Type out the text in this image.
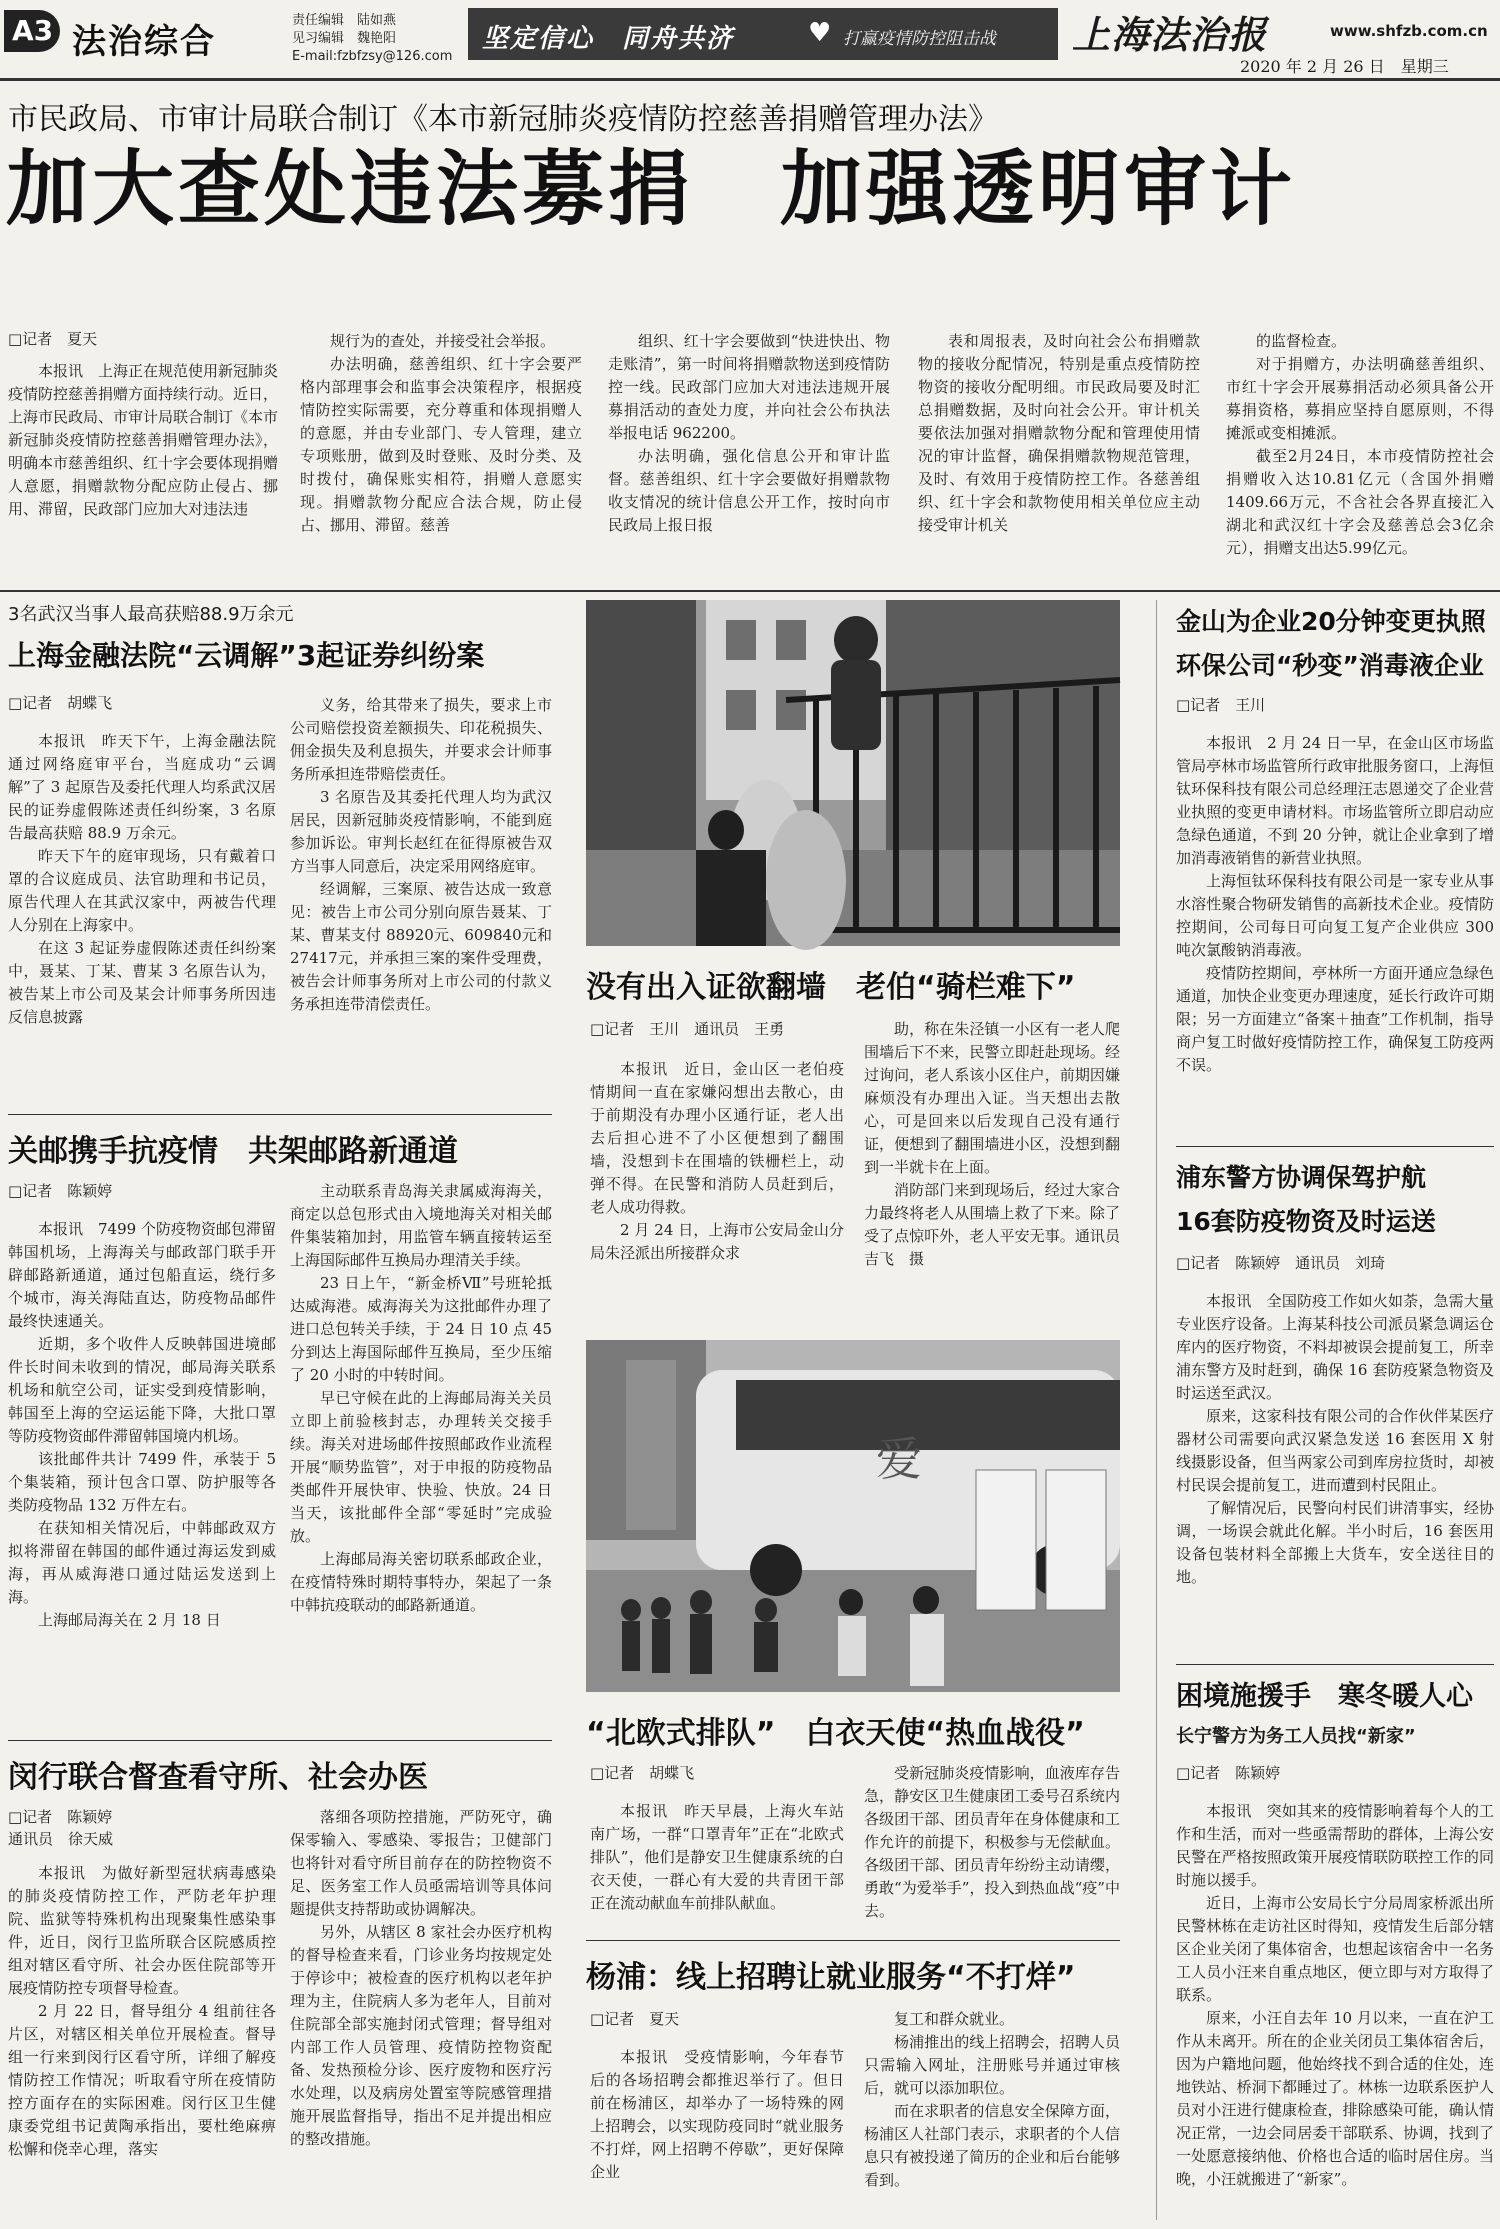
A3 法治综合
责任编辑　陆如燕
见习编辑　魏艳阳
E-mail:fzbfzsy@126.com
坚定信心　同舟共济	♥ 打赢疫情防控阻击战 上海法治报	www.shfzb.com.cn
2020 年 2 月 26 日　星期三
市民政局、市审计局联合制订《本市新冠肺炎疫情防控慈善捐赠管理办法》
加大查处违法募捐　加强透明审计
□记者　夏天

本报讯　上海正在规范使用新冠肺炎疫情防控慈善捐赠方面持续行动。近日，上海市民政局、市审计局联合制订《本市新冠肺炎疫情防控慈善捐赠管理办法》，明确本市慈善组织、红十字会要体现捐赠人意愿，捐赠款物分配应防止侵占、挪用、滞留，民政部门应加大对违法违

规行为的查处，并接受社会举报。

办法明确，慈善组织、红十字会要严格内部理事会和监事会决策程序，根据疫情防控实际需要，充分尊重和体现捐赠人的意愿，并由专业部门、专人管理，建立专项账册，做到及时登账、及时分类、及时拨付，确保账实相符，捐赠人意愿实现。捐赠款物分配应合法合规，防止侵占、挪用、滞留。慈善

组织、红十字会要做到“快进快出、物走账清”，第一时间将捐赠款物送到疫情防控一线。民政部门应加大对违法违规开展募捐活动的查处力度，并向社会公布执法举报电话 962200。

办法明确，强化信息公开和审计监督。慈善组织、红十字会要做好捐赠款物收支情况的统计信息公开工作，按时向市民政局上报日报

表和周报表，及时向社会公布捐赠款物的接收分配情况，特别是重点疫情防控物资的接收分配明细。市民政局要及时汇总捐赠数据，及时向社会公开。审计机关要依法加强对捐赠款物分配和管理使用情况的审计监督，确保捐赠款物规范管理，及时、有效用于疫情防控工作。各慈善组织、红十字会和款物使用相关单位应主动接受审计机关

的监督检查。

对于捐赠方，办法明确慈善组织、市红十字会开展募捐活动必须具备公开募捐资格，募捐应坚持自愿原则，不得摊派或变相摊派。

截至2月24日，本市疫情防控社会捐赠收入达10.81亿元（含国外捐赠1409.66万元，不含社会各界直接汇入湖北和武汉红十字会及慈善总会3亿余元），捐赠支出达5.99亿元。

3名武汉当事人最高获赔88.9万余元
上海金融法院“云调解”3起证券纠纷案
□记者　胡蝶飞

本报讯　昨天下午，上海金融法院通过网络庭审平台，当庭成功“云调解”了 3 起原告及委托代理人均系武汉居民的证券虚假陈述责任纠纷案，3 名原告最高获赔 88.9 万余元。

昨天下午的庭审现场，只有戴着口罩的合议庭成员、法官助理和书记员，原告代理人在其武汉家中，两被告代理人分别在上海家中。

在这 3 起证券虚假陈述责任纠纷案中，聂某、丁某、曹某 3 名原告认为，被告某上市公司及某会计师事务所因违反信息披露

义务，给其带来了损失，要求上市公司赔偿投资差额损失、印花税损失、佣金损失及利息损失，并要求会计师事务所承担连带赔偿责任。

3 名原告及其委托代理人均为武汉居民，因新冠肺炎疫情影响，不能到庭参加诉讼。审判长赵红在征得原被告双方当事人同意后，决定采用网络庭审。

经调解，三案原、被告达成一致意见：被告上市公司分别向原告聂某、丁某、曹某支付 88920元、609840元和27417元，并承担三案的案件受理费，被告会计师事务所对上市公司的付款义务承担连带清偿责任。

关邮携手抗疫情　共架邮路新通道
□记者　陈颖婷

本报讯　7499 个防疫物资邮包滞留韩国机场，上海海关与邮政部门联手开辟邮路新通道，通过包船直运，绕行多个城市，海关海陆直达，防疫物品邮件最终快速通关。

近期，多个收件人反映韩国进境邮件长时间未收到的情况，邮局海关联系机场和航空公司，证实受到疫情影响，韩国至上海的空运运能下降，大批口罩等防疫物资邮件滞留韩国境内机场。

该批邮件共计 7499 件，承装于 5 个集装箱，预计包含口罩、防护服等各类防疫物品 132 万件左右。

在获知相关情况后，中韩邮政双方拟将滞留在韩国的邮件通过海运发到威海，再从威海港口通过陆运发送到上海。

上海邮局海关在 2 月 18 日

主动联系青岛海关隶属威海海关，商定以总包形式由入境地海关对相关邮件集装箱加封，用监管车辆直接转运至上海国际邮件互换局办理清关手续。

23 日上午，“新金桥Ⅶ”号班轮抵达威海港。威海海关为这批邮件办理了进口总包转关手续，于 24 日 10 点 45 分到达上海国际邮件互换局，至少压缩了 20 小时的中转时间。

早已守候在此的上海邮局海关关员立即上前验核封志，办理转关交接手续。海关对进场邮件按照邮政作业流程开展“顺势监管”，对于申报的防疫物品类邮件开展快审、快验、快放。24 日当天，该批邮件全部“零延时”完成验放。

上海邮局海关密切联系邮政企业，在疫情特殊时期特事特办，架起了一条中韩抗疫联动的邮路新通道。

闵行联合督查看守所、社会办医
□记者　陈颖婷
通讯员　徐天威

本报讯　为做好新型冠状病毒感染的肺炎疫情防控工作，严防老年护理院、监狱等特殊机构出现聚集性感染事件，近日，闵行卫监所联合区院感质控组对辖区看守所、社会办医住院部等开展疫情防控专项督导检查。

2 月 22 日，督导组分 4 组前往各片区，对辖区相关单位开展检查。督导组一行来到闵行区看守所，详细了解疫情防控工作情况；听取看守所在疫情防控方面存在的实际困难。闵行区卫生健康委党组书记黄陶承指出，要杜绝麻痹松懈和侥幸心理，落实

落细各项防控措施，严防死守，确保零输入、零感染、零报告；卫健部门也将针对看守所目前存在的防控物资不足、医务室工作人员亟需培训等具体问题提供支持帮助或协调解决。

另外，从辖区 8 家社会办医疗机构的督导检查来看，门诊业务均按规定处于停诊中；被检查的医疗机构以老年护理为主，住院病人多为老年人，目前对住院部全部实施封闭式管理；督导组对内部工作人员管理、疫情防控物资配备、发热预检分诊、医疗废物和医疗污水处理，以及病房处置室等院感管理措施开展监督指导，指出不足并提出相应的整改措施。

没有出入证欲翻墙　老伯“骑栏难下”
□记者　王川　通讯员　王勇

本报讯　近日，金山区一老伯疫情期间一直在家嫌闷想出去散心，由于前期没有办理小区通行证，老人出去后担心进不了小区便想到了翻围墙，没想到卡在围墙的铁栅栏上，动弹不得。在民警和消防人员赶到后，老人成功得救。

2 月 24 日，上海市公安局金山分局朱泾派出所接群众求

助，称在朱泾镇一小区有一老人爬围墙后下不来，民警立即赶赴现场。经过询问，老人系该小区住户，前期因嫌麻烦没有办理出入证。当天想出去散心，可是回来以后发现自己没有通行证，便想到了翻围墙进小区，没想到翻到一半就卡在上面。

消防部门来到现场后，经过大家合力最终将老人从围墙上救了下来。除了受了点惊吓外，老人平安无事。通讯员　吉飞　摄

爱
“北欧式排队”　白衣天使“热血战役”
□记者　胡蝶飞

本报讯　昨天早晨，上海火车站南广场，一群“口罩青年”正在“北欧式排队”，他们是静安卫生健康系统的白衣天使，一群心有大爱的共青团干部正在流动献血车前排队献血。

受新冠肺炎疫情影响，血液库存告急，静安区卫生健康团工委号召系统内各级团干部、团员青年在身体健康和工作允许的前提下，积极参与无偿献血。各级团干部、团员青年纷纷主动请缨，勇敢“为爱举手”，投入到热血战“疫”中去。

杨浦：线上招聘让就业服务“不打烊”
□记者　夏天

本报讯　受疫情影响，今年春节后的各场招聘会都推迟举行了。但日前在杨浦区，却举办了一场特殊的网上招聘会，以实现防疫同时“就业服务不打烊，网上招聘不停歇”，更好保障企业

复工和群众就业。

杨浦推出的线上招聘会，招聘人员只需输入网址，注册账号并通过审核后，就可以添加职位。

而在求职者的信息安全保障方面，杨浦区人社部门表示，求职者的个人信息只有被投递了简历的企业和后台能够看到。

金山为企业20分钟变更执照
环保公司“秒变”消毒液企业
□记者　王川

本报讯　2 月 24 日一早，在金山区市场监管局亭林市场监管所行政审批服务窗口，上海恒钛环保科技有限公司总经理汪志恩递交了企业营业执照的变更申请材料。市场监管所立即启动应急绿色通道，不到 20 分钟，就让企业拿到了增加消毒液销售的新营业执照。

上海恒钛环保科技有限公司是一家专业从事水溶性聚合物研发销售的高新技术企业。疫情防控期间，公司每日可向复工复产企业供应 300 吨次氯酸钠消毒液。

疫情防控期间，亭林所一方面开通应急绿色通道，加快企业变更办理速度，延长行政许可期限；另一方面建立“备案＋抽查”工作机制，指导商户复工时做好疫情防控工作，确保复工防疫两不误。

浦东警方协调保驾护航
16套防疫物资及时运送
□记者　陈颖婷　通讯员　刘琦

本报讯　全国防疫工作如火如荼，急需大量专业医疗设备。上海某科技公司派员紧急调运仓库内的医疗物资，不料却被误会提前复工，所幸浦东警方及时赶到，确保 16 套防疫紧急物资及时运送至武汉。

原来，这家科技有限公司的合作伙伴某医疗器材公司需要向武汉紧急发送 16 套医用 X 射线摄影设备，但当两家公司到库房拉货时，却被村民误会提前复工，进而遭到村民阻止。

了解情况后，民警向村民们讲清事实，经协调，一场误会就此化解。半小时后，16 套医用设备包装材料全部搬上大货车，安全送往目的地。

困境施援手　寒冬暖人心
长宁警方为务工人员找“新家”
□记者　陈颖婷

本报讯　突如其来的疫情影响着每个人的工作和生活，而对一些亟需帮助的群体，上海公安民警在严格按照政策开展疫情联防联控工作的同时施以援手。

近日，上海市公安局长宁分局周家桥派出所民警林栋在走访社区时得知，疫情发生后部分辖区企业关闭了集体宿舍，也想起该宿舍中一名务工人员小汪来自重点地区，便立即与对方取得了联系。

原来，小汪自去年 10 月以来，一直在沪工作从未离开。所在的企业关闭员工集体宿舍后，因为户籍地问题，他始终找不到合适的住处，连地铁站、桥洞下都睡过了。林栋一边联系医护人员对小汪进行健康检查，排除感染可能，确认情况正常，一边会同居委干部联系、协调，找到了一处愿意接纳他、价格也合适的临时居住房。当晚，小汪就搬进了“新家”。
